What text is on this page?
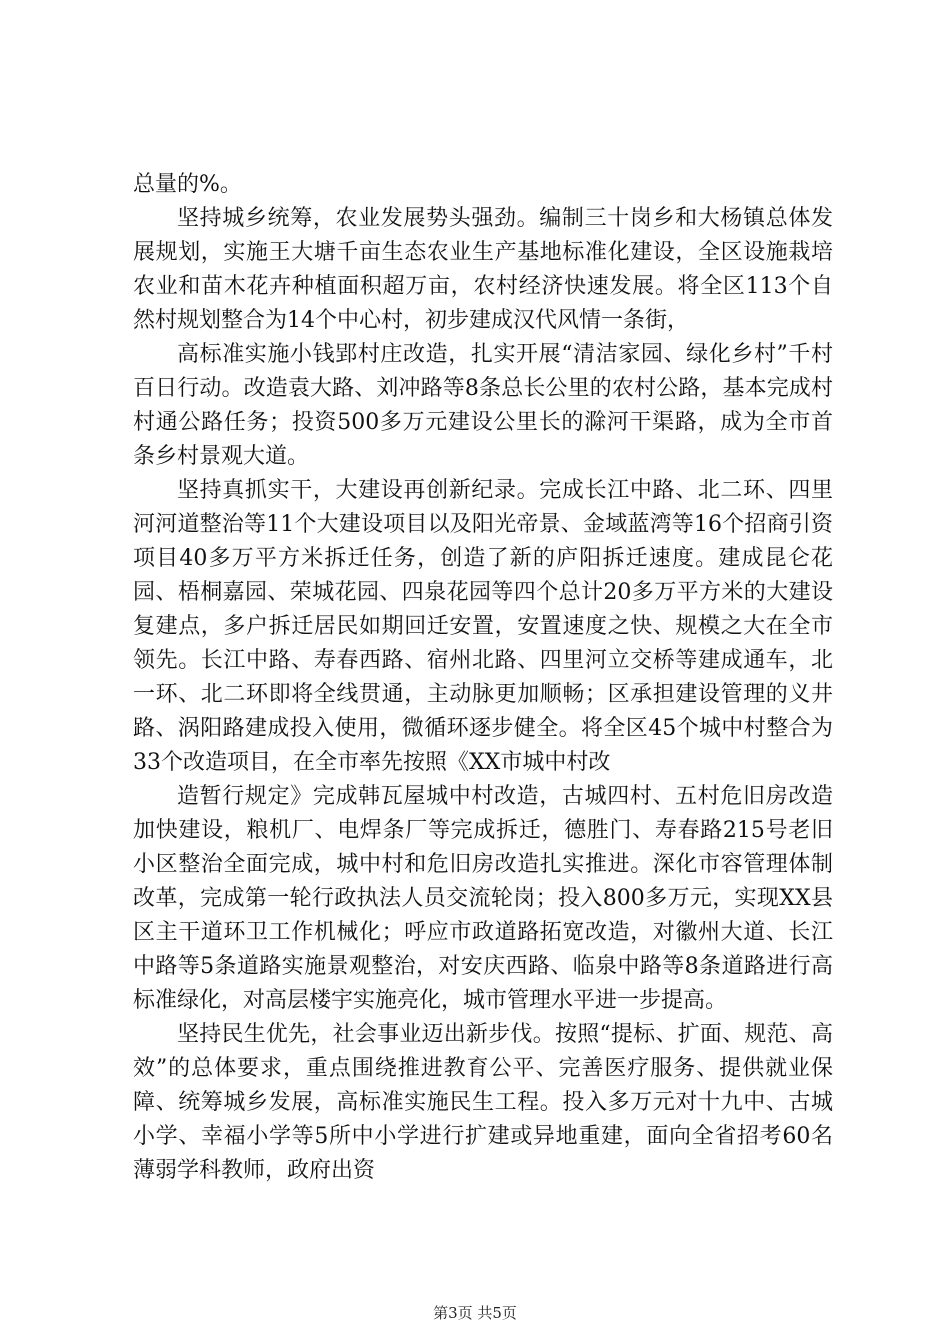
总量的%。

坚持城乡统筹，农业发展势头强劲。编制三十岗乡和大杨镇总体发展规划，实施王大塘千亩生态农业生产基地标准化建设，全区设施栽培农业和苗木花卉种植面积超万亩，农村经济快速发展。将全区113个自然村规划整合为14个中心村，初步建成汉代风情一条街，

高标准实施小钱郢村庄改造，扎实开展“清洁家园、绿化乡村”千村百日行动。改造袁大路、刘冲路等8条总长公里的农村公路，基本完成村村通公路任务；投资500多万元建设公里长的滁河干渠路，成为全市首条乡村景观大道。

坚持真抓实干，大建设再创新纪录。完成长江中路、北二环、四里河河道整治等11个大建设项目以及阳光帝景、金域蓝湾等16个招商引资项目40多万平方米拆迁任务，创造了新的庐阳拆迁速度。建成昆仑花园、梧桐嘉园、荣城花园、四泉花园等四个总计20多万平方米的大建设复建点，多户拆迁居民如期回迁安置，安置速度之快、规模之大在全市领先。长江中路、寿春西路、宿州北路、四里河立交桥等建成通车，北一环、北二环即将全线贯通，主动脉更加顺畅；区承担建设管理的义井路、涡阳路建成投入使用，微循环逐步健全。将全区45个城中村整合为33个改造项目，在全市率先按照《XX市城中村改

造暂行规定》完成韩瓦屋城中村改造，古城四村、五村危旧房改造加快建设，粮机厂、电焊条厂等完成拆迁，德胜门、寿春路215号老旧小区整治全面完成，城中村和危旧房改造扎实推进。深化市容管理体制改革，完成第一轮行政执法人员交流轮岗；投入800多万元，实现XX县区主干道环卫工作机械化；呼应市政道路拓宽改造，对徽州大道、长江中路等5条道路实施景观整治，对安庆西路、临泉中路等8条道路进行高标准绿化，对高层楼宇实施亮化，城市管理水平进一步提高。

坚持民生优先，社会事业迈出新步伐。按照“提标、扩面、规范、高效”的总体要求，重点围绕推进教育公平、完善医疗服务、提供就业保障、统筹城乡发展，高标准实施民生工程。投入多万元对十九中、古城小学、幸福小学等5所中小学进行扩建或异地重建，面向全省招考60名薄弱学科教师，政府出资

第3页 共5页
